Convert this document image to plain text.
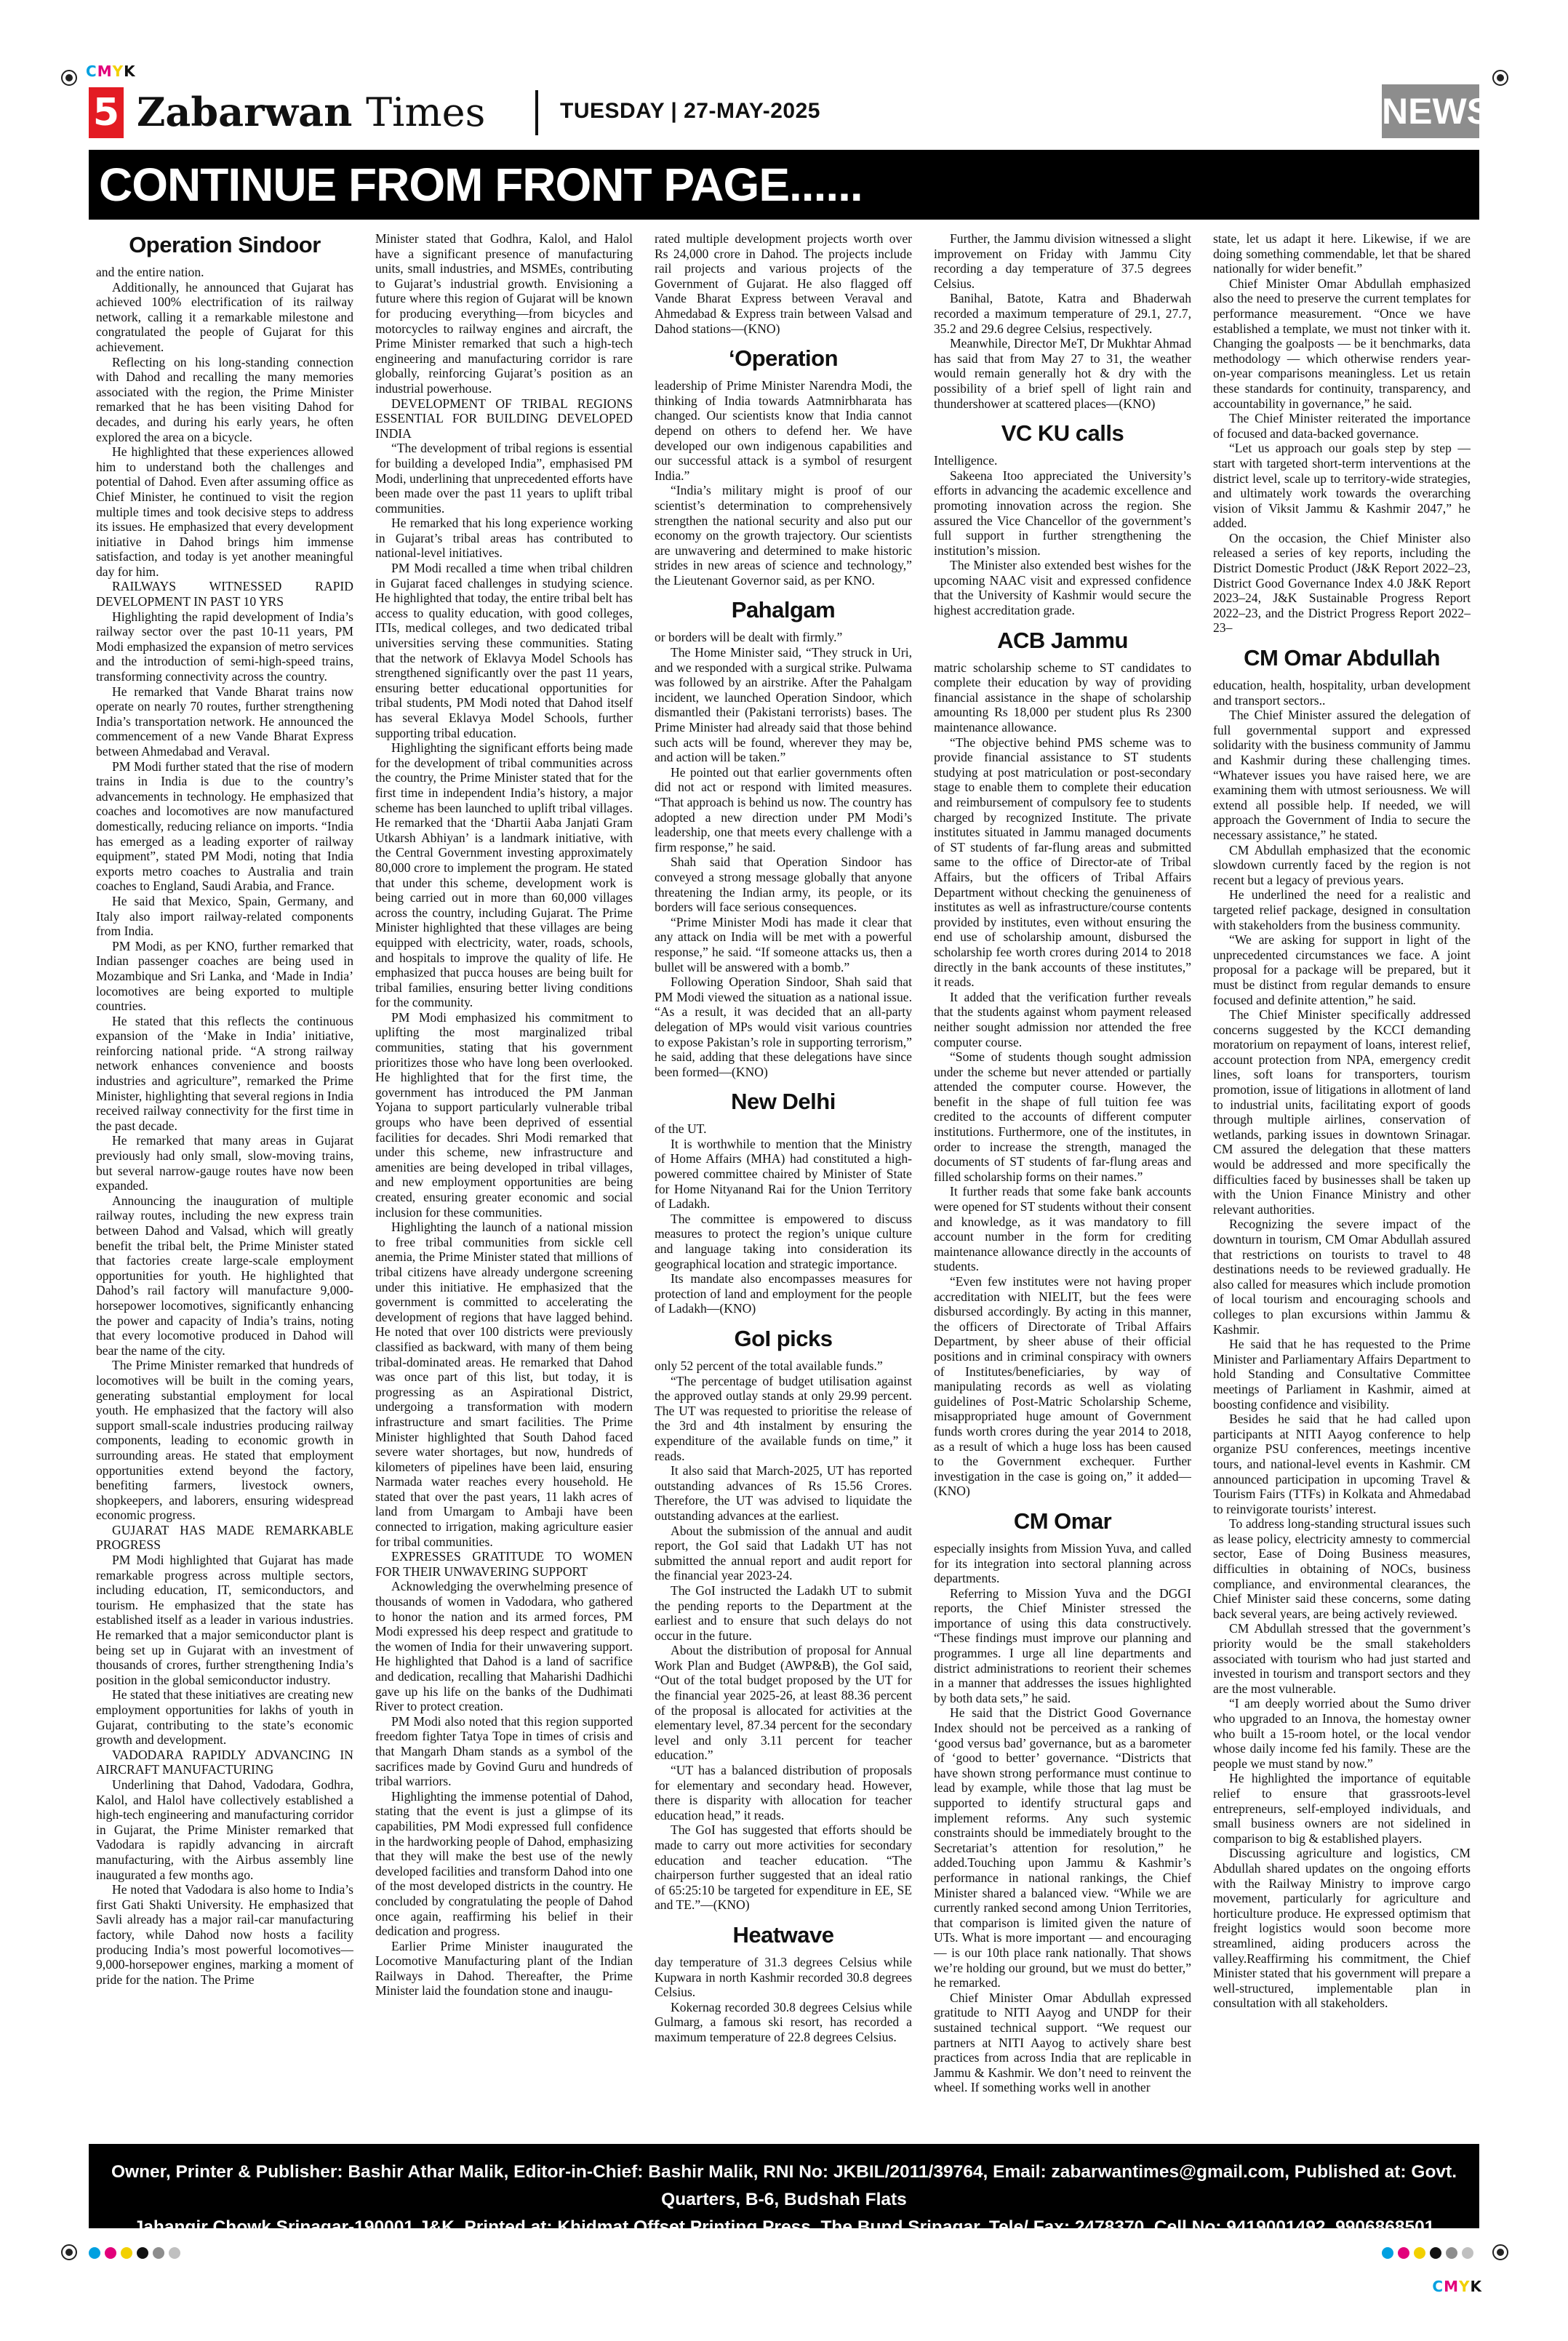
CMYK
CMYK
5 Zabarwan Times	TUESDAY | 27-MAY-2025	NEWS
CONTINUE FROM FRONT PAGE......
Operation Sindoor

and the entire nation.

Additionally, he announced that Gujarat has achieved 100% electrification of its railway network, calling it a remarkable milestone and congratulated the people of Gujarat for this achievement.

Reflecting on his long-standing connection with Dahod and recalling the many memories associated with the region, the Prime Minister remarked that he has been visiting Dahod for decades, and during his early years, he often explored the area on a bicycle.

He highlighted that these experiences allowed him to understand both the challenges and potential of Dahod. Even after assuming office as Chief Minister, he continued to visit the region multiple times and took decisive steps to address its issues. He emphasized that every development initiative in Dahod brings him immense satisfaction, and today is yet another meaningful day for him.

RAILWAYS WITNESSED RAPID DEVELOPMENT IN PAST 10 YRS

Highlighting the rapid development of India’s railway sector over the past 10-11 years, PM Modi emphasized the expansion of metro services and the introduction of semi-high-speed trains, transforming connectivity across the country.

He remarked that Vande Bharat trains now operate on nearly 70 routes, further strengthening India’s transportation network. He announced the commencement of a new Vande Bharat Express between Ahmedabad and Veraval.

PM Modi further stated that the rise of modern trains in India is due to the country’s advancements in technology. He emphasized that coaches and locomotives are now manufactured domestically, reducing reliance on imports. “India has emerged as a leading exporter of railway equipment”, stated PM Modi, noting that India exports metro coaches to Australia and train coaches to England, Saudi Arabia, and France.

He said that Mexico, Spain, Germany, and Italy also import railway-related components from India.

PM Modi, as per KNO, further remarked that Indian passenger coaches are being used in Mozambique and Sri Lanka, and ‘Made in India’ locomotives are being exported to multiple countries.

He stated that this reflects the continuous expansion of the ‘Make in India’ initiative, reinforcing national pride. “A strong railway network enhances convenience and boosts industries and agriculture”, remarked the Prime Minister, highlighting that several regions in India received railway connectivity for the first time in the past decade.

He remarked that many areas in Gujarat previously had only small, slow-moving trains, but several narrow-gauge routes have now been expanded.

Announcing the inauguration of multiple railway routes, including the new express train between Dahod and Valsad, which will greatly benefit the tribal belt, the Prime Minister stated that factories create large-scale employment opportunities for youth. He highlighted that Dahod’s rail factory will manufacture 9,000-horsepower locomotives, significantly enhancing the power and capacity of India’s trains, noting that every locomotive produced in Dahod will bear the name of the city.

The Prime Minister remarked that hundreds of locomotives will be built in the coming years, generating substantial employment for local youth. He emphasized that the factory will also support small-scale industries producing railway components, leading to economic growth in surrounding areas. He stated that employment opportunities extend beyond the factory, benefiting farmers, livestock owners, shopkeepers, and laborers, ensuring widespread economic progress.

GUJARAT HAS MADE REMARKABLE PROGRESS

PM Modi highlighted that Gujarat has made remarkable progress across multiple sectors, including education, IT, semiconductors, and tourism. He emphasized that the state has established itself as a leader in various industries. He remarked that a major semiconductor plant is being set up in Gujarat with an investment of thousands of crores, further strengthening India’s position in the global semiconductor industry.

He stated that these initiatives are creating new employment opportunities for lakhs of youth in Gujarat, contributing to the state’s economic growth and development.

VADODARA RAPIDLY ADVANCING IN AIRCRAFT MANUFACTURING

Underlining that Dahod, Vadodara, Godhra, Kalol, and Halol have collectively established a high-tech engineering and manufacturing corridor in Gujarat, the Prime Minister remarked that Vadodara is rapidly advancing in aircraft manufacturing, with the Airbus assembly line inaugurated a few months ago.

He noted that Vadodara is also home to India’s first Gati Shakti University. He emphasized that Savli already has a major rail-car manufacturing factory, while Dahod now hosts a facility producing India’s most powerful locomotives—9,000-horsepower engines, marking a moment of pride for the nation. The Prime

Minister stated that Godhra, Kalol, and Halol have a significant presence of manufacturing units, small industries, and MSMEs, contributing to Gujarat’s industrial growth. Envisioning a future where this region of Gujarat will be known for producing everything—from bicycles and motorcycles to railway engines and aircraft, the Prime Minister remarked that such a high-tech engineering and manufacturing corridor is rare globally, reinforcing Gujarat’s position as an industrial powerhouse.

DEVELOPMENT OF TRIBAL REGIONS ESSENTIAL FOR BUILDING DEVELOPED INDIA

“The development of tribal regions is essential for building a developed India”, emphasised PM Modi, underlining that unprecedented efforts have been made over the past 11 years to uplift tribal communities.

He remarked that his long experience working in Gujarat’s tribal areas has contributed to national-level initiatives.

PM Modi recalled a time when tribal children in Gujarat faced challenges in studying science. He highlighted that today, the entire tribal belt has access to quality education, with good colleges, ITIs, medical colleges, and two dedicated tribal universities serving these communities. Stating that the network of Eklavya Model Schools has strengthened significantly over the past 11 years, ensuring better educational opportunities for tribal students, PM Modi noted that Dahod itself has several Eklavya Model Schools, further supporting tribal education.

Highlighting the significant efforts being made for the development of tribal communities across the country, the Prime Minister stated that for the first time in independent India’s history, a major scheme has been launched to uplift tribal villages. He remarked that the ‘Dhartii Aaba Janjati Gram Utkarsh Abhiyan’ is a landmark initiative, with the Central Government investing approximately 80,000 crore to implement the program. He stated that under this scheme, development work is being carried out in more than 60,000 villages across the country, including Gujarat. The Prime Minister highlighted that these villages are being equipped with electricity, water, roads, schools, and hospitals to improve the quality of life. He emphasized that pucca houses are being built for tribal families, ensuring better living conditions for the community.

PM Modi emphasized his commitment to uplifting the most marginalized tribal communities, stating that his government prioritizes those who have long been overlooked. He highlighted that for the first time, the government has introduced the PM Janman Yojana to support particularly vulnerable tribal groups who have been deprived of essential facilities for decades. Shri Modi remarked that under this scheme, new infrastructure and amenities are being developed in tribal villages, and new employment opportunities are being created, ensuring greater economic and social inclusion for these communities.

Highlighting the launch of a national mission to free tribal communities from sickle cell anemia, the Prime Minister stated that millions of tribal citizens have already undergone screening under this initiative. He emphasized that the government is committed to accelerating the development of regions that have lagged behind. He noted that over 100 districts were previously classified as backward, with many of them being tribal-dominated areas. He remarked that Dahod was once part of this list, but today, it is progressing as an Aspirational District, undergoing a transformation with modern infrastructure and smart facilities. The Prime Minister highlighted that South Dahod faced severe water shortages, but now, hundreds of kilometers of pipelines have been laid, ensuring Narmada water reaches every household. He stated that over the past years, 11 lakh acres of land from Umargam to Ambaji have been connected to irrigation, making agriculture easier for tribal communities.

EXPRESSES GRATITUDE TO WOMEN FOR THEIR UNWAVERING SUPPORT

Acknowledging the overwhelming presence of thousands of women in Vadodara, who gathered to honor the nation and its armed forces, PM Modi expressed his deep respect and gratitude to the women of India for their unwavering support. He highlighted that Dahod is a land of sacrifice and dedication, recalling that Maharishi Dadhichi gave up his life on the banks of the Dudhimati River to protect creation.

PM Modi also noted that this region supported freedom fighter Tatya Tope in times of crisis and that Mangarh Dham stands as a symbol of the sacrifices made by Govind Guru and hundreds of tribal warriors.

Highlighting the immense potential of Dahod, stating that the event is just a glimpse of its capabilities, PM Modi expressed full confidence in the hardworking people of Dahod, emphasizing that they will make the best use of the newly developed facilities and transform Dahod into one of the most developed districts in the country. He concluded by congratulating the people of Dahod once again, reaffirming his belief in their dedication and progress.

Earlier Prime Minister inaugurated the Locomotive Manufacturing plant of the Indian Railways in Dahod. Thereafter, the Prime Minister laid the foundation stone and inaugu-

rated multiple development projects worth over Rs 24,000 crore in Dahod. The projects include rail projects and various projects of the Government of Gujarat. He also flagged off Vande Bharat Express between Veraval and Ahmedabad & Express train between Valsad and Dahod stations—(KNO)

‘Operation

leadership of Prime Minister Narendra Modi, the thinking of India towards Aatmnirbharata has changed. Our scientists know that India cannot depend on others to defend her. We have developed our own indigenous capabilities and our successful attack is a symbol of resurgent India.”

“India’s military might is proof of our scientist’s determination to comprehensively strengthen the national security and also put our economy on the growth trajectory. Our scientists are unwavering and determined to make historic strides in new areas of science and technology,” the Lieutenant Governor said, as per KNO.

Pahalgam

or borders will be dealt with firmly.”

The Home Minister said, “They struck in Uri, and we responded with a surgical strike. Pulwama was followed by an airstrike. After the Pahalgam incident, we launched Operation Sindoor, which dismantled their (Pakistani terrorists) bases. The Prime Minister had already said that those behind such acts will be found, wherever they may be, and action will be taken.”

He pointed out that earlier governments often did not act or respond with limited measures. “That approach is behind us now. The country has adopted a new direction under PM Modi’s leadership, one that meets every challenge with a firm response,” he said.

Shah said that Operation Sindoor has conveyed a strong message globally that anyone threatening the Indian army, its people, or its borders will face serious consequences.

“Prime Minister Modi has made it clear that any attack on India will be met with a powerful response,” he said. “If someone attacks us, then a bullet will be answered with a bomb.”

Following Operation Sindoor, Shah said that PM Modi viewed the situation as a national issue. “As a result, it was decided that an all-party delegation of MPs would visit various countries to expose Pakistan’s role in supporting terrorism,” he said, adding that these delegations have since been formed—(KNO)

New Delhi

of the UT.

It is worthwhile to mention that the Ministry of Home Affairs (MHA) had constituted a high-powered committee chaired by Minister of State for Home Nityanand Rai for the Union Territory of Ladakh.

The committee is empowered to discuss measures to protect the region’s unique culture and language taking into consideration its geographical location and strategic importance.

Its mandate also encompasses measures for protection of land and employment for the people of Ladakh—(KNO)

GoI picks

only 52 percent of the total available funds.”

“The percentage of budget utilisation against the approved outlay stands at only 29.99 percent. The UT was requested to prioritise the release of the 3rd and 4th instalment by ensuring the expenditure of the available funds on time,” it reads.

It also said that March-2025, UT has reported outstanding advances of Rs 15.56 Crores. Therefore, the UT was advised to liquidate the outstanding advances at the earliest.

About the submission of the annual and audit report, the GoI said that Ladakh UT has not submitted the annual report and audit report for the financial year 2023-24.

The GoI instructed the Ladakh UT to submit the pending reports to the Department at the earliest and to ensure that such delays do not occur in the future.

About the distribution of proposal for Annual Work Plan and Budget (AWP&B), the GoI said, “Out of the total budget proposed by the UT for the financial year 2025-26, at least 88.36 percent of the proposal is allocated for activities at the elementary level, 87.34 percent for the secondary level and only 3.11 percent for teacher education.”

“UT has a balanced distribution of proposals for elementary and secondary head. However, there is disparity with allocation for teacher education head,” it reads.

The GoI has suggested that efforts should be made to carry out more activities for secondary education and teacher education. “The chairperson further suggested that an ideal ratio of 65:25:10 be targeted for expenditure in EE, SE and TE.”—(KNO)

Heatwave

day temperature of 31.3 degrees Celsius while Kupwara in north Kashmir recorded 30.8 degrees Celsius.

Kokernag recorded 30.8 degrees Celsius while Gulmarg, a famous ski resort, has recorded a maximum temperature of 22.8 degrees Celsius.

Further, the Jammu division witnessed a slight improvement on Friday with Jammu City recording a day temperature of 37.5 degrees Celsius.

Banihal, Batote, Katra and Bhaderwah recorded a maximum temperature of 29.1, 27.7, 35.2 and 29.6 degree Celsius, respectively.

Meanwhile, Director MeT, Dr Mukhtar Ahmad has said that from May 27 to 31, the weather would remain generally hot & dry with the possibility of a brief spell of light rain and thundershower at scattered places—(KNO)

VC KU calls

Intelligence.

Sakeena Itoo appreciated the University’s efforts in advancing the academic excellence and promoting innovation across the region. She assured the Vice Chancellor of the government’s full support in further strengthening the institution’s mission.

The Minister also extended best wishes for the upcoming NAAC visit and expressed confidence that the University of Kashmir would secure the highest accreditation grade.

ACB Jammu

matric scholarship scheme to ST candidates to complete their education by way of providing financial assistance in the shape of scholarship amounting Rs 18,000 per student plus Rs 2300 maintenance allowance.

“The objective behind PMS scheme was to provide financial assistance to ST students studying at post matriculation or post-secondary stage to enable them to complete their education and reimbursement of compulsory fee to students charged by recognized Institute. The private institutes situated in Jammu managed documents of ST students of far-flung areas and submitted same to the office of Director-ate of Tribal Affairs, but the officers of Tribal Affairs Department without checking the genuineness of institutes as well as infrastructure/course contents provided by institutes, even without ensuring the end use of scholarship amount, disbursed the scholarship fee worth crores during 2014 to 2018 directly in the bank accounts of these institutes,” it reads.

It added that the verification further reveals that the students against whom payment released neither sought admission nor attended the free computer course.

“Some of students though sought admission under the scheme but never attended or partially attended the computer course. However, the benefit in the shape of full tuition fee was credited to the accounts of different computer institutions. Furthermore, one of the institutes, in order to increase the strength, managed the documents of ST students of far-flung areas and filled scholarship forms on their names.”

It further reads that some fake bank accounts were opened for ST students without their consent and knowledge, as it was mandatory to fill account number in the form for crediting maintenance allowance directly in the accounts of students.

“Even few institutes were not having proper accreditation with NIELIT, but the fees were disbursed accordingly. By acting in this manner, the officers of Directorate of Tribal Affairs Department, by sheer abuse of their official positions and in criminal conspiracy with owners of Institutes/beneficiaries, by way of manipulating records as well as violating guidelines of Post-Matric Scholarship Scheme, misappropriated huge amount of Government funds worth crores during the year 2014 to 2018, as a result of which a huge loss has been caused to the Government exchequer. Further investigation in the case is going on,” it added—(KNO)

CM Omar

especially insights from Mission Yuva, and called for its integration into sectoral planning across departments.

Referring to Mission Yuva and the DGGI reports, the Chief Minister stressed the importance of using this data constructively. “These findings must improve our planning and programmes. I urge all line departments and district administrations to reorient their schemes in a manner that addresses the issues highlighted by both data sets,” he said.

He said that the District Good Governance Index should not be perceived as a ranking of ‘good versus bad’ governance, but as a barometer of ‘good to better’ governance. “Districts that have shown strong performance must continue to lead by example, while those that lag must be supported to identify structural gaps and implement reforms. Any such systemic constraints should be immediately brought to the Secretariat’s attention for resolution,” he added.Touching upon Jammu & Kashmir’s performance in national rankings, the Chief Minister shared a balanced view. “While we are currently ranked second among Union Territories, that comparison is limited given the nature of UTs. What is more important — and encouraging — is our 10th place rank nationally. That shows we’re holding our ground, but we must do better,” he remarked.

Chief Minister Omar Abdullah expressed gratitude to NITI Aayog and UNDP for their sustained technical support. “We request our partners at NITI Aayog to actively share best practices from across India that are replicable in Jammu & Kashmir. We don’t need to reinvent the wheel. If something works well in another

state, let us adapt it here. Likewise, if we are doing something commendable, let that be shared nationally for wider benefit.”

Chief Minister Omar Abdullah emphasized also the need to preserve the current templates for performance measurement. “Once we have established a template, we must not tinker with it. Changing the goalposts — be it benchmarks, data methodology — which otherwise renders year-on-year comparisons meaningless. Let us retain these standards for continuity, transparency, and accountability in governance,” he said.

The Chief Minister reiterated the importance of focused and data-backed governance.

“Let us approach our goals step by step — start with targeted short-term interventions at the district level, scale up to territory-wide strategies, and ultimately work towards the overarching vision of Viksit Jammu & Kashmir 2047,” he added.

On the occasion, the Chief Minister also released a series of key reports, including the District Domestic Product (J&K Report 2022–23, District Good Governance Index 4.0 J&K Report 2023–24, J&K Sustainable Progress Report 2022–23, and the District Progress Report 2022–23–

CM Omar Abdullah

education, health, hospitality, urban development and transport sectors..

The Chief Minister assured the delegation of full governmental support and expressed solidarity with the business community of Jammu and Kashmir during these challenging times. “Whatever issues you have raised here, we are examining them with utmost seriousness. We will extend all possible help. If needed, we will approach the Government of India to secure the necessary assistance,” he stated.

CM Abdullah emphasized that the economic slowdown currently faced by the region is not recent but a legacy of previous years.

He underlined the need for a realistic and targeted relief package, designed in consultation with stakeholders from the business community.

“We are asking for support in light of the unprecedented circumstances we face. A joint proposal for a package will be prepared, but it must be distinct from regular demands to ensure focused and definite attention,” he said.

The Chief Minister specifically addressed concerns suggested by the KCCI demanding moratorium on repayment of loans, interest relief, account protection from NPA, emergency credit lines, soft loans for transporters, tourism promotion, issue of litigations in allotment of land to industrial units, facilitating export of goods through multiple airlines, conservation of wetlands, parking issues in downtown Srinagar. CM assured the delegation that these matters would be addressed and more specifically the difficulties faced by businesses shall be taken up with the Union Finance Ministry and other relevant authorities.

Recognizing the severe impact of the downturn in tourism, CM Omar Abdullah assured that restrictions on tourists to travel to 48 destinations needs to be reviewed gradually. He also called for measures which include promotion of local tourism and encouraging schools and colleges to plan excursions within Jammu & Kashmir.

He said that he has requested to the Prime Minister and Parliamentary Affairs Department to hold Standing and Consultative Committee meetings of Parliament in Kashmir, aimed at boosting confidence and visibility.

Besides he said that he had called upon participants at NITI Aayog conference to help organize PSU conferences, meetings incentive tours, and national-level events in Kashmir. CM announced participation in upcoming Travel & Tourism Fairs (TTFs) in Kolkata and Ahmedabad to reinvigorate tourists’ interest.

To address long-standing structural issues such as lease policy, electricity amnesty to commercial sector, Ease of Doing Business measures, difficulties in obtaining of NOCs, business compliance, and environmental clearances, the Chief Minister said these concerns, some dating back several years, are being actively reviewed.

CM Abdullah stressed that the government’s priority would be the small stakeholders associated with tourism who had just started and invested in tourism and transport sectors and they are the most vulnerable.

“I am deeply worried about the Sumo driver who upgraded to an Innova, the homestay owner who built a 15-room hotel, or the local vendor whose daily income fed his family. These are the people we must stand by now.”

He highlighted the importance of equitable relief to ensure that grassroots-level entrepreneurs, self-employed individuals, and small business owners are not sidelined in comparison to big & established players.

Discussing agriculture and logistics, CM Abdullah shared updates on the ongoing efforts with the Railway Ministry to improve cargo movement, particularly for agriculture and horticulture produce. He expressed optimism that freight logistics would soon become more streamlined, aiding producers across the valley.Reaffirming his commitment, the Chief Minister stated that his government will prepare a well-structured, implementable plan in consultation with all stakeholders.

Owner, Printer & Publisher: Bashir Athar Malik, Editor-in-Chief: Bashir Malik, RNI No: JKBIL/2011/39764, Email: zabarwantimes@gmail.com, Published at: Govt. Quarters, B-6, Budshah Flats
Jahangir Chowk Srinagar-190001 J&K, Printed at: Khidmat Offset Printing Press, The Bund Srinagar, Tele/ Fax: 2478370, Cell No: 9419001492, 9906868501
